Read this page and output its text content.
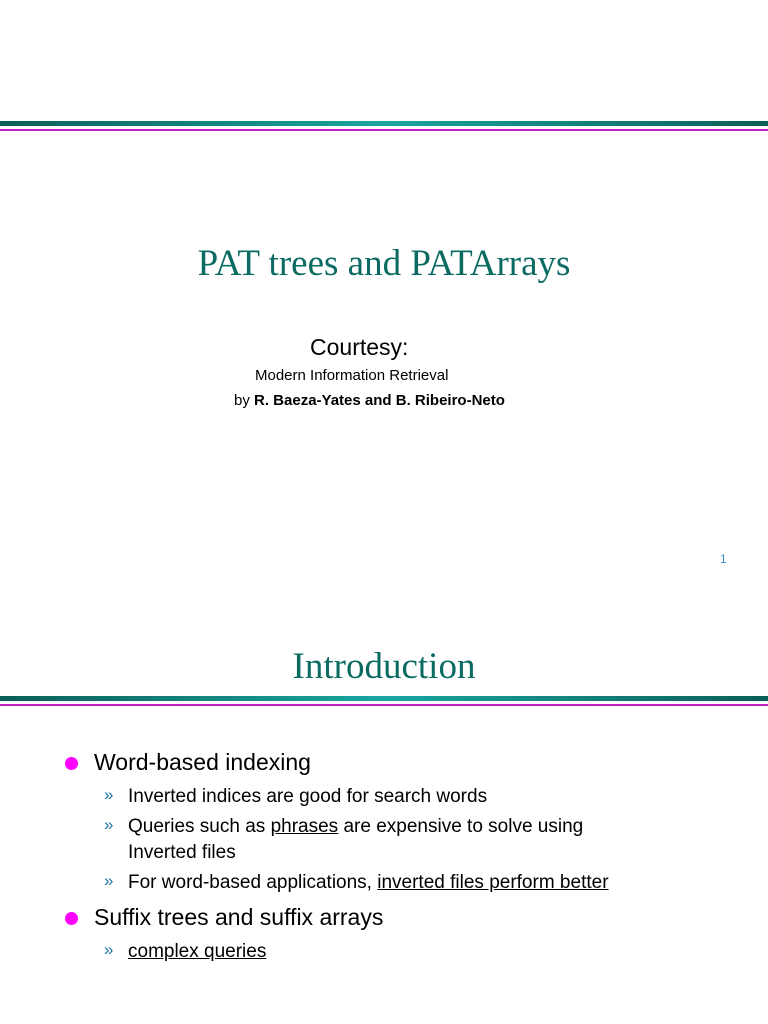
PAT trees and PATArrays
Courtesy:
Modern Information Retrieval
by R. Baeza-Yates and B. Ribeiro-Neto
1
Introduction
Word-based indexing
» Inverted indices are good for search words
» Queries such as phrases are expensive to solve using
Inverted files
» For word-based applications, inverted files perform better
Suffix trees and suffix arrays
» complex queries
